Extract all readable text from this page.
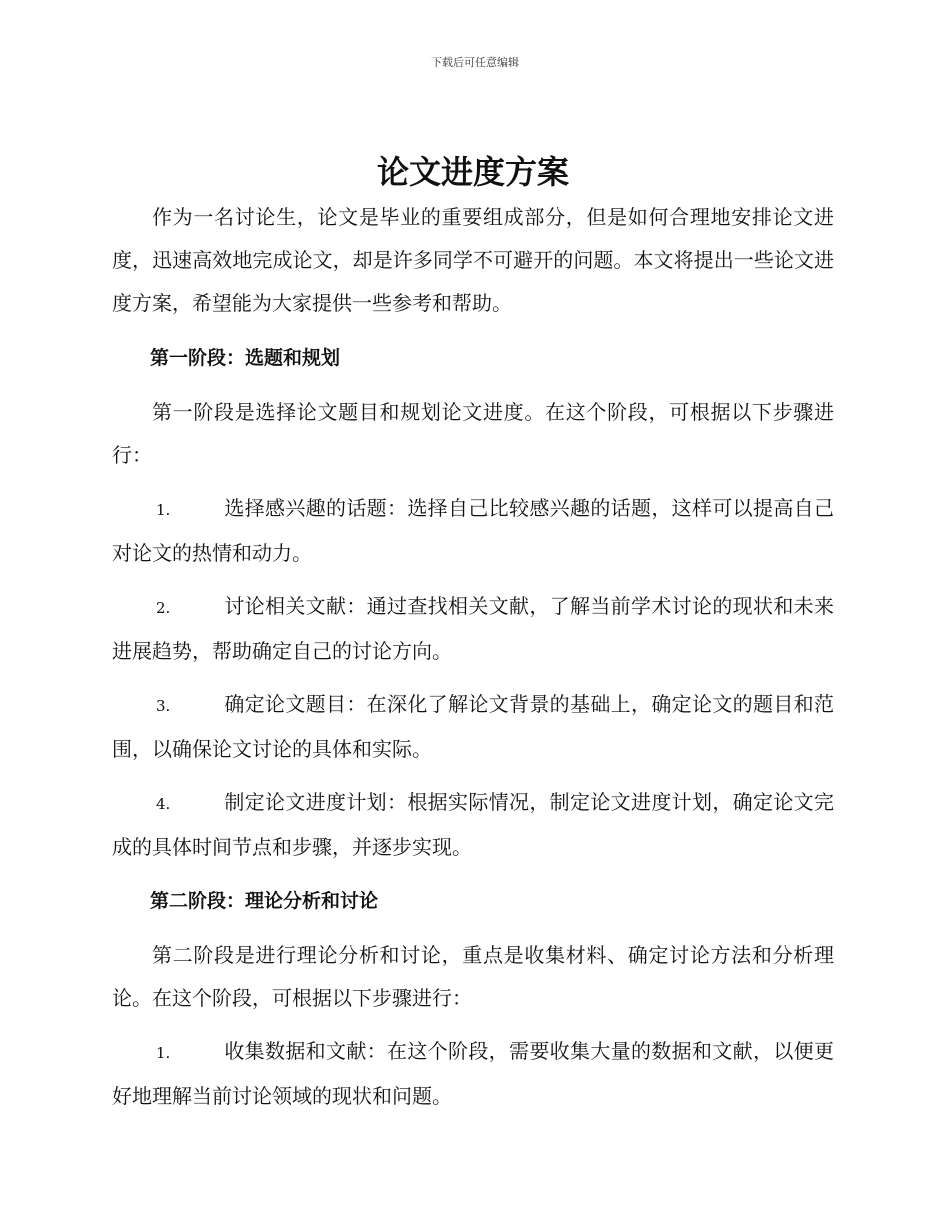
下载后可任意编辑
论文进度方案

作为一名讨论生，论文是毕业的重要组成部分，但是如何合理地安排论文进度，迅速高效地完成论文，却是许多同学不可避开的问题。本文将提出一些论文进度方案，希望能为大家提供一些参考和帮助。

第一阶段：选题和规划

第一阶段是选择论文题目和规划论文进度。在这个阶段，可根据以下步骤进行：

1.	选择感兴趣的话题：选择自己比较感兴趣的话题，这样可以提高自己对论文的热情和动力。

2.	讨论相关文献：通过查找相关文献，了解当前学术讨论的现状和未来进展趋势，帮助确定自己的讨论方向。

3.	确定论文题目：在深化了解论文背景的基础上，确定论文的题目和范围，以确保论文讨论的具体和实际。

4.	制定论文进度计划：根据实际情况，制定论文进度计划，确定论文完成的具体时间节点和步骤，并逐步实现。

第二阶段：理论分析和讨论

第二阶段是进行理论分析和讨论，重点是收集材料、确定讨论方法和分析理论。在这个阶段，可根据以下步骤进行：

1.	收集数据和文献：在这个阶段，需要收集大量的数据和文献，以便更好地理解当前讨论领域的现状和问题。
